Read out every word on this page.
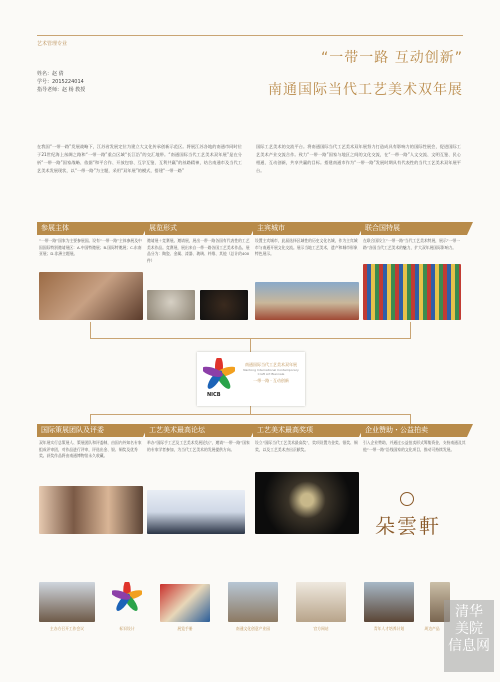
艺术管理专业
姓名：赵 倩
学号：2015224014
指导老师：赵 杨 教授
“一带一路 互动创新”
南通国际当代工艺美术双年展
在我国“一带一路”发展战略下，江苏省发展定位为建立大文化传承创新示范区。将展江苏各地的南通市同时位于21世纪海上丝绸之路和“一带一路”重点区域“长江沿”的交汇地带。“南通国际当代工艺美术双年展”是在分析“一带一路”国家战略、依据“和平合作、开放包容、互学互鉴、互利共赢”的丝路精神，结合南通市及当代工艺美术发展现状，以“一带一路”为主题，采用“双年展”的模式，搭建“一带一路”
国际工艺美术的交流平台。将南通国际当代工艺美术双年展努力打造成具有影响力的国际性展会，促进国际工艺美术产业交流合作。致力“一带一路”国家与地区之间的文化交流，在“一带一路”人文交流、文明互鉴、民心相通、互动创新，共享共赢的目标。搭建南通市作为“一带一路”发展时期具有代表性的当代工艺美术双年展平台。
参展主体
“一带一路”国家为主要参展国。设有“一带一路”主体参展及中国国际特别邀请展区：A.中国特邀展；B.国际特邀展；C.东南亚展；D.非洲主题展。
展览形式
邀请展＋竞赛展。邀请展，展出一带一路各国有代表性的工艺美术作品。竞赛展，展出来自一带一路各国工艺美术作品。展品分为：陶瓷、金属、漆器、玻璃、纤维、其他（总计约400件）
主宾城市
设置主宾城市，此届选择区域性的历史文化名城，作为主宾城市与南通开展文化交流。展示当地工艺美术，遗产和城市形象特色展示。
联合国特展
在联合国设立“一带一路”当代工艺美术特展，展示“一带一路”各国当代工艺美术的魅力，扩大双年展国际影响力。
NICB
南通国际当代工艺美术双年展
Nantong International Contemporary Craft Art Biennale
一带一路 · 互动创新
国际策展团队及评委
双年展实行总策展人、策展团队和评委制，由国内外知名专家组成评审团，对作品进行评审，评选出金、银、铜奖及优秀奖。获奖作品将由南通博物馆永久收藏。
工艺美术最高论坛
举办“国际手工艺及工艺美术发展论坛”，邀请“一带一路”国家的专家学者参加，为当代工艺美术的发展提供方向。
工艺美术最高奖项
设立“国际当代工艺美术最高奖”，奖项设置为金奖、银奖、铜奖，以及工艺美术杰出贡献奖。
企业赞助・公益拍卖
引入企业赞助，并通过公益拍卖形式筹集资金，支持南通及其他“一带一路”沿线国家的文化项目，推动可持续发展。
朵雲軒
主办方召开工作会议	标识设计	展览手册	南通文化创意产业园	官方网站	青年人才培养计划	周边产品
清华
美院
信息网
